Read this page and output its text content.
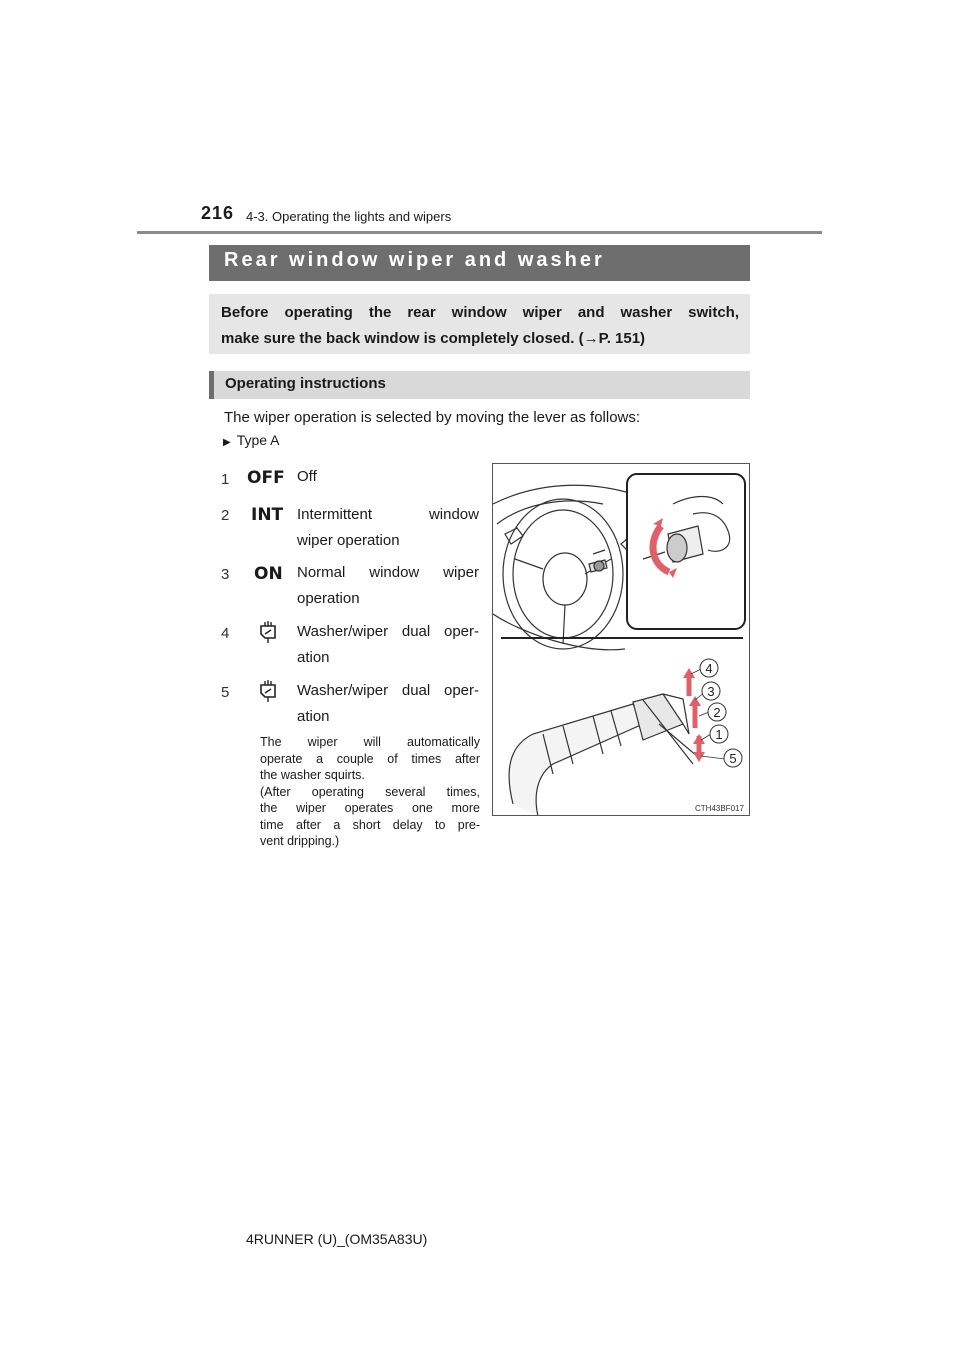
216 4-3. Operating the lights and wipers
Rear window wiper and washer
Before operating the rear window wiper and washer switch,
make sure the back window is completely closed. (→P. 151)
Operating instructions
The wiper operation is selected by moving the lever as follows:
▶ Type A
1 OFF Off
2 INT Intermittent window
wiper operation
3 ON Normal window wiper
operation
4	Washer/wiper dual oper-
ation
5	Washer/wiper dual oper-
ation
The wiper will automatically
operate a couple of times after
the washer squirts.
(After operating several times,
the wiper operates one more
time after a short delay to pre-
vent dripping.)
4
3
2
1
5
CTH43BF017
4RUNNER (U)_(OM35A83U)
